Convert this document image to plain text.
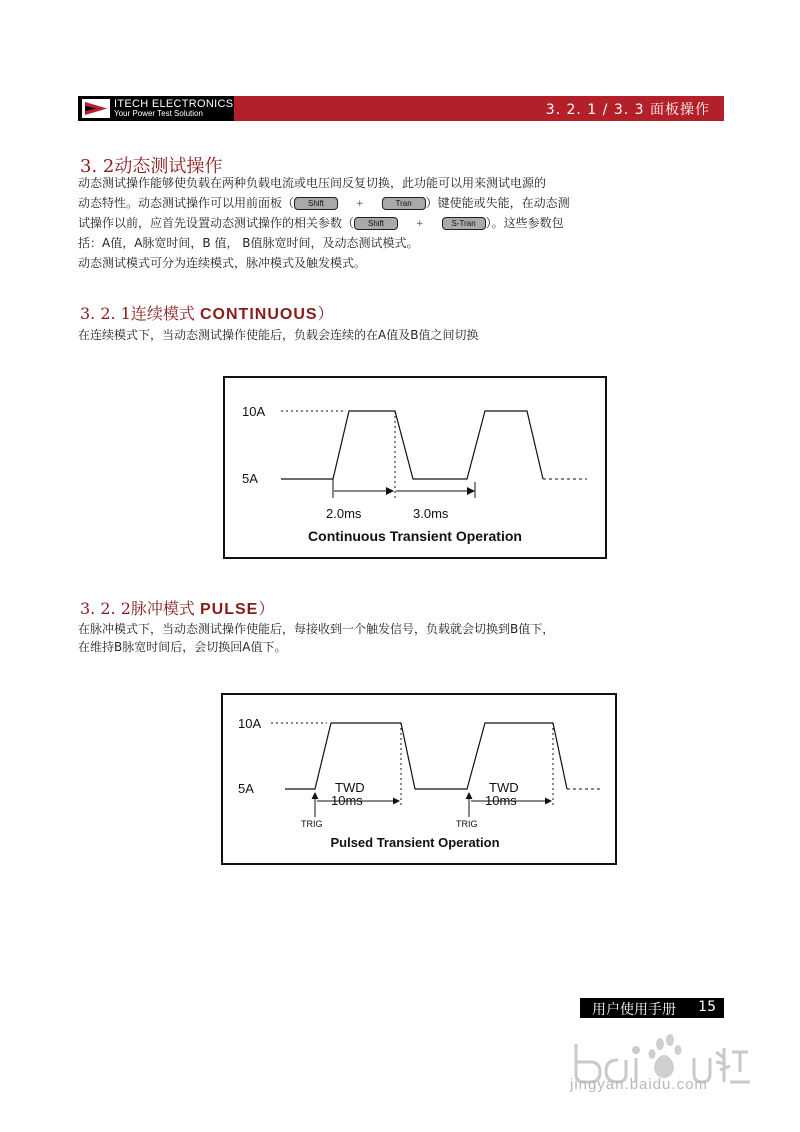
ITECH ELECTRONICS
Your Power Test Solution	3. 2. 1 / 3. 3 面板操作
3. 2动态测试操作
动态测试操作能够使负载在两种负载电流或电压间反复切换，此功能可以用来测试电源的
动态特性。动态测试操作可以用前面板（ Shift	+	Tran ）键使能或失能，在动态测
试操作以前，应首先设置动态测试操作的相关参数（ Shift	+	S-Tran ）。这些参数包
括：A值，A脉宽时间，B 值， B值脉宽时间，及动态测试模式。
动态测试模式可分为连续模式，脉冲模式及触发模式。
3. 2. 1连续模式 CONTINUOUS）
在连续模式下，当动态测试操作使能后，负载会连续的在A值及B值之间切换
10A
5A
2.0ms	3.0ms
Continuous Transient Operation
3. 2. 2脉冲模式 PULSE）
在脉冲模式下，当动态测试操作使能后，每接收到一个触发信号，负载就会切换到B值下，
在维持B脉宽时间后，会切换回A值下。
10A
5A	TWD
10ms
TRIG
TWD
10ms
TRIG
Pulsed Transient Operation
用户使用手册 15
jingyan.baidu.com
